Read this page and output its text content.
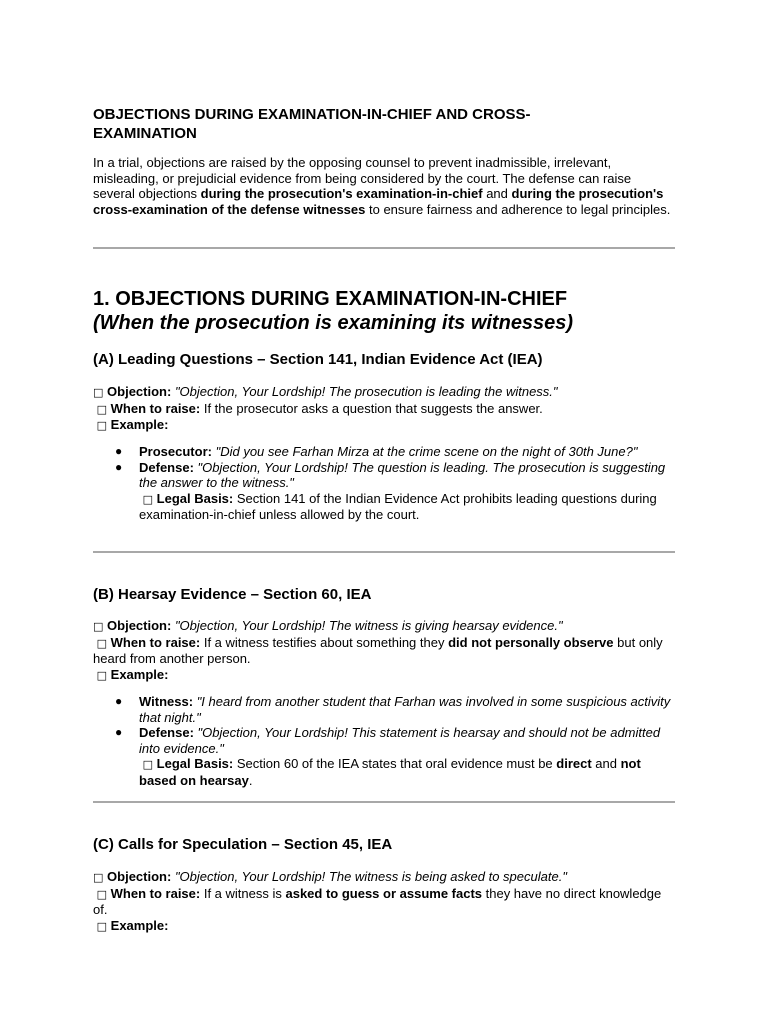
OBJECTIONS DURING EXAMINATION-IN-CHIEF AND CROSS-EXAMINATION

In a trial, objections are raised by the opposing counsel to prevent inadmissible, irrelevant, misleading, or prejudicial evidence from being considered by the court. The defense can raise several objections during the prosecution's examination-in-chief and during the prosecution's cross-examination of the defense witnesses to ensure fairness and adherence to legal principles.

1. OBJECTIONS DURING EXAMINATION-IN-CHIEF
(When the prosecution is examining its witnesses)
(A) Leading Questions – Section 141, Indian Evidence Act (IEA)
□ Objection: "Objection, Your Lordship! The prosecution is leading the witness."
□ When to raise: If the prosecutor asks a question that suggests the answer.
□ Example:
● Prosecutor: "Did you see Farhan Mirza at the crime scene on the night of 30th June?"
● Defense: "Objection, Your Lordship! The question is leading. The prosecution is suggesting the answer to the witness."
□ Legal Basis: Section 141 of the Indian Evidence Act prohibits leading questions during examination-in-chief unless allowed by the court.
(B) Hearsay Evidence – Section 60, IEA
□ Objection: "Objection, Your Lordship! The witness is giving hearsay evidence."
□ When to raise: If a witness testifies about something they did not personally observe but only heard from another person.
□ Example:
● Witness: "I heard from another student that Farhan was involved in some suspicious activity that night."
● Defense: "Objection, Your Lordship! This statement is hearsay and should not be admitted into evidence."
□ Legal Basis: Section 60 of the IEA states that oral evidence must be direct and not based on hearsay.
(C) Calls for Speculation – Section 45, IEA
□ Objection: "Objection, Your Lordship! The witness is being asked to speculate."
□ When to raise: If a witness is asked to guess or assume facts they have no direct knowledge of.
□ Example:
